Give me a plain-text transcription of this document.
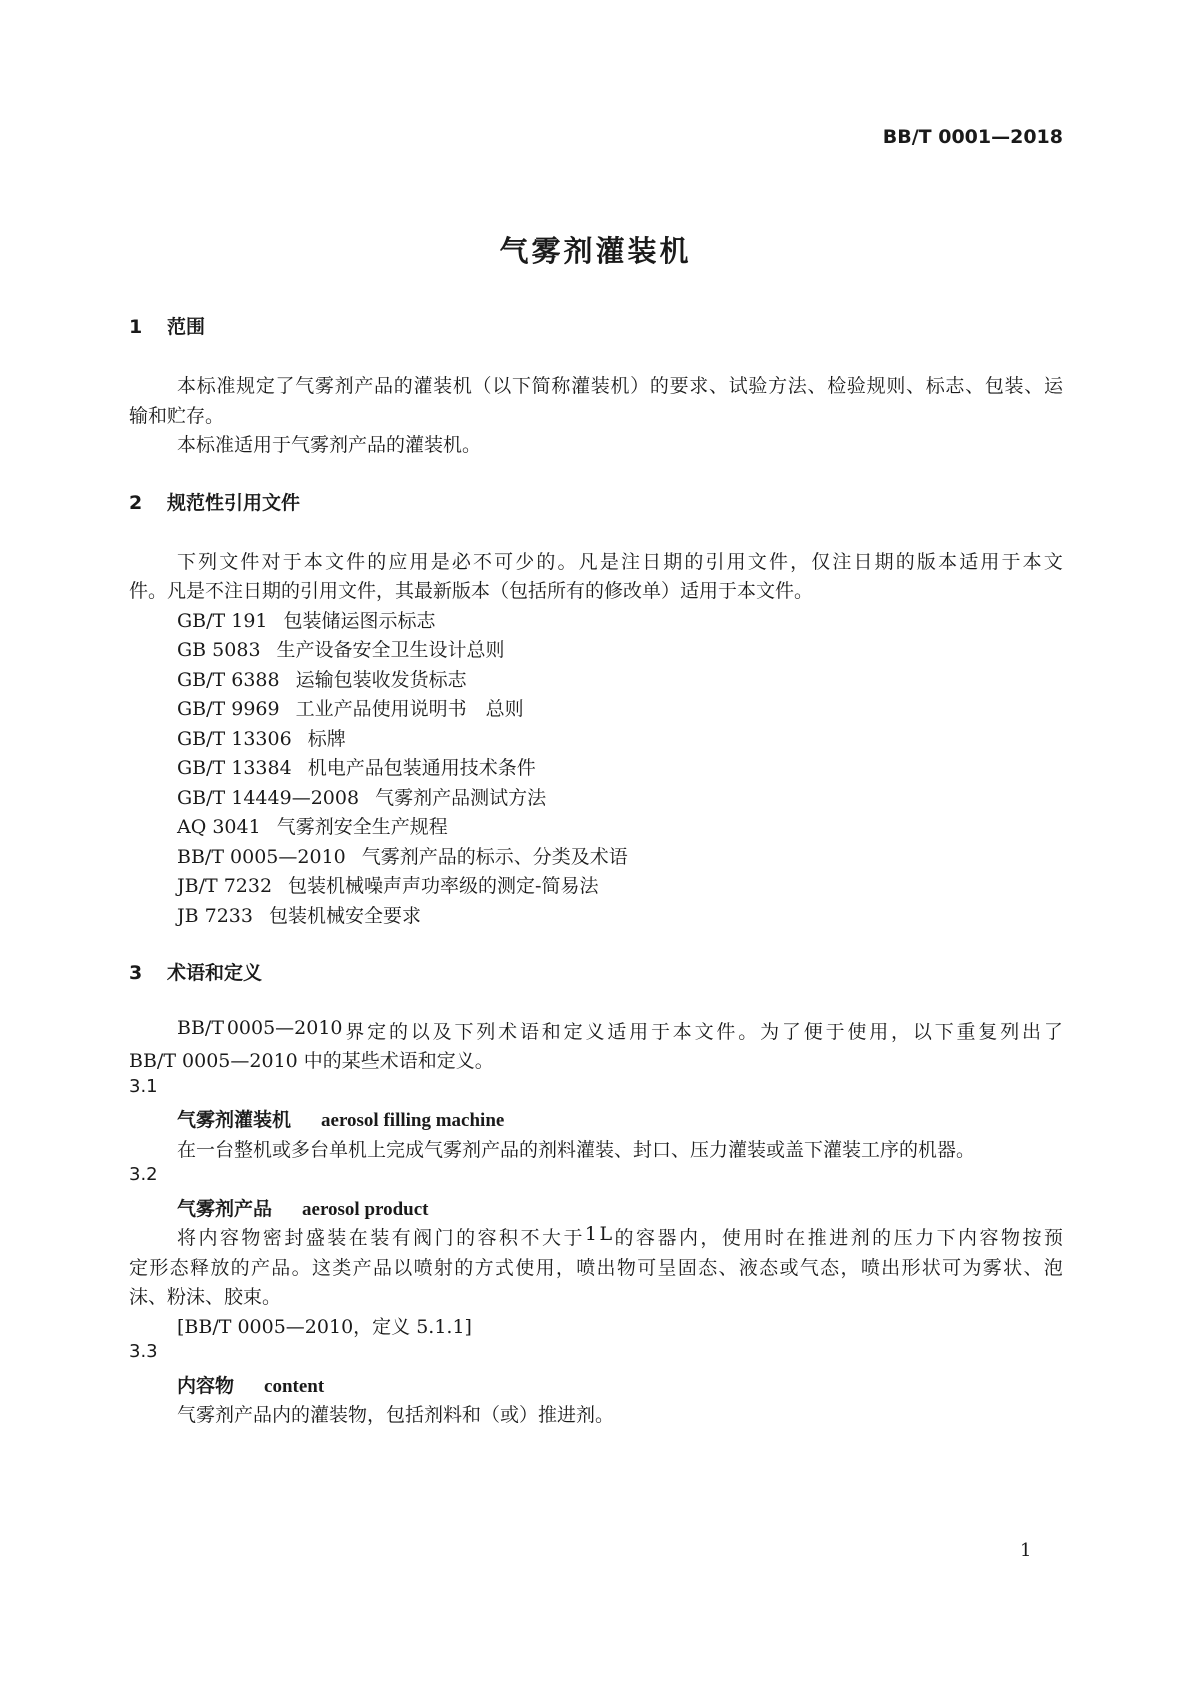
BB/T 0001—2018
气雾剂灌装机
1 范围
本 标 准 规 定 了 气 雾 剂 产 品 的 灌 装 机 （ 以 下 简 称 灌 装 机 ） 的 要 求 、 试 验 方 法 、 检 验 规 则 、 标 志 、 包 装 、 运
输和贮存。
本标准适用于气雾剂产品的灌装机。
2 规范性引用文件
下 列 文 件 对 于 本 文 件 的 应 用 是 必 不 可 少 的 。 凡 是 注 日 期 的 引 用 文 件 ， 仅 注 日 期 的 版 本 适 用 于 本 文
件。凡是不注日期的引用文件，其最新版本（包括所有的修改单）适用于本文件。
GB/T 191 包装储运图示标志
GB 5083 生产设备安全卫生设计总则
GB/T 6388 运输包装收发货标志
GB/T 9969 工业产品使用说明书　总则
GB/T 13306 标牌
GB/T 13384 机电产品包装通用技术条件
GB/T 14449—2008 气雾剂产品测试方法
AQ 3041 气雾剂安全生产规程
BB/T 0005—2010 气雾剂产品的标示、分类及术语
JB/T 7232 包装机械噪声声功率级的测定-简易法
JB 7233 包装机械安全要求
3 术语和定义
BB/T 0005—2010 界 定 的 以 及 下 列 术 语 和 定 义 适 用 于 本 文 件 。 为 了 便 于 使 用 ， 以 下 重 复 列 出 了
BB/T 0005—2010 中的某些术语和定义。
3.1
气雾剂灌装机 aerosol filling machine
在一台整机或多台单机上完成气雾剂产品的剂料灌装、封口、压力灌装或盖下灌装工序的机器。
3.2
气雾剂产品 aerosol product
将 内 容 物 密 封 盛 装 在 装 有 阀 门 的 容 积 不 大 于 1 L 的 容 器 内 ， 使 用 时 在 推 进 剂 的 压 力 下 内 容 物 按 预
定 形 态 释 放 的 产 品 。 这 类 产 品 以 喷 射 的 方 式 使 用 ， 喷 出 物 可 呈 固 态 、 液 态 或 气 态 ， 喷 出 形 状 可 为 雾 状 、 泡
沫、粉沫、胶束。
[BB/T 0005—2010，定义 5.1.1]
3.3
内容物 content
气雾剂产品内的灌装物，包括剂料和（或）推进剂。
1
